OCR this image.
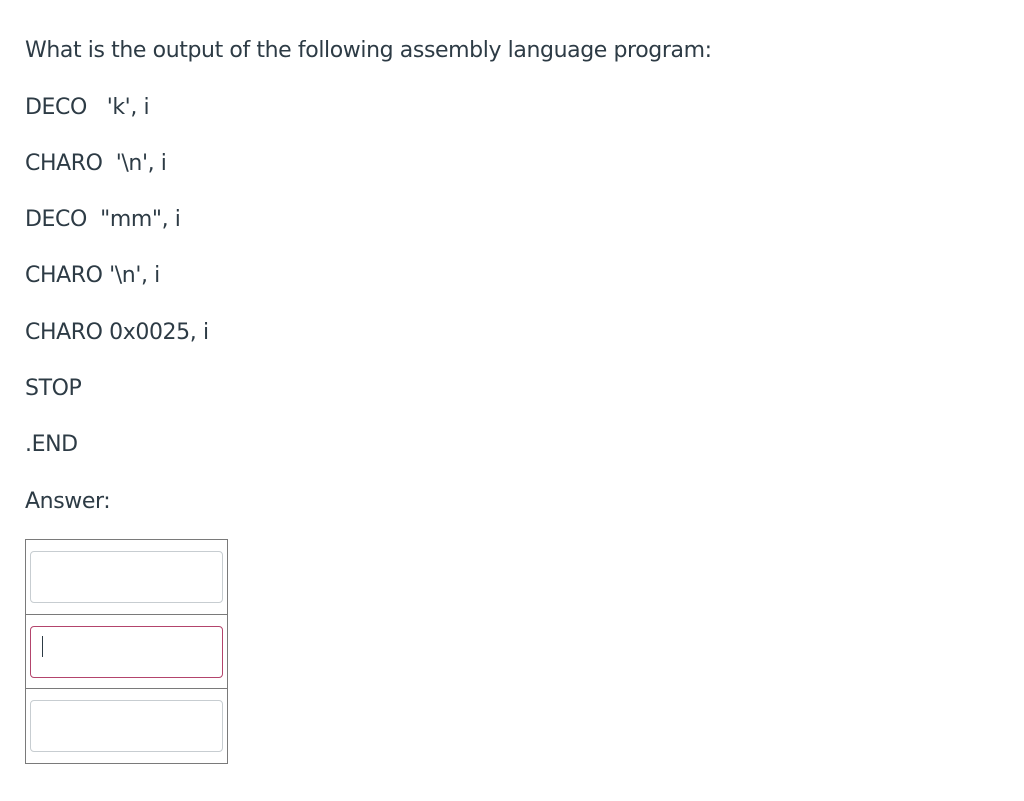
What is the output of the following assembly language program:

DECO   'k', i

CHARO  '\n', i

DECO  "mm", i

CHARO '\n', i

CHARO 0x0025, i

STOP

.END

Answer:
